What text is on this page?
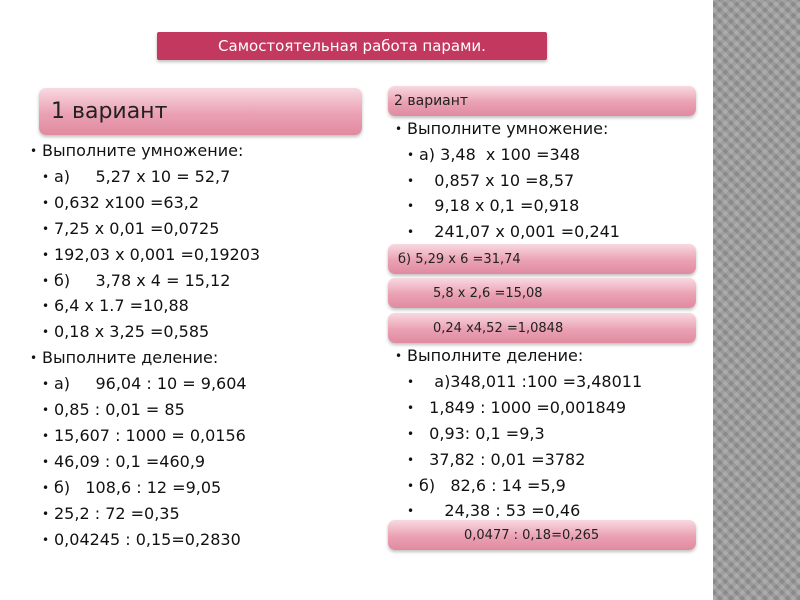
Самостоятельная работа парами.
1 вариант
• Выполните умножение:
• а)     5,27 х 10 = 52,7
• 0,632 х100 =63,2
• 7,25 х 0,01 =0,0725
• 192,03 х 0,001 =0,19203
• б)     3,78 х 4 = 15,12
• 6,4 х 1.7 =10,88
• 0,18 х 3,25 =0,585
• Выполните деление:
• а)     96,04 : 10 = 9,604
• 0,85 : 0,01 = 85
• 15,607 : 1000 = 0,0156
• 46,09 : 0,1 =460,9
• б)   108,6 : 12 =9,05
• 25,2 : 72 =0,35
• 0,04245 : 0,15=0,2830
2 вариант
• Выполните умножение:
• а) 3,48  х 100 =348
• 0,857 х 10 =8,57
• 9,18 х 0,1 =0,918
• 241,07 х 0,001 =0,241
б) 5,29 х 6 =31,74
5,8 х 2,6 =15,08
0,24 х4,52 =1,0848
• Выполните деление:
• а)348,011 :100 =3,48011
• 1,849 : 1000 =0,001849
• 0,93: 0,1 =9,3
• 37,82 : 0,01 =3782
• б)   82,6 : 14 =5,9
• 24,38 : 53 =0,46
0,0477 : 0,18=0,265
